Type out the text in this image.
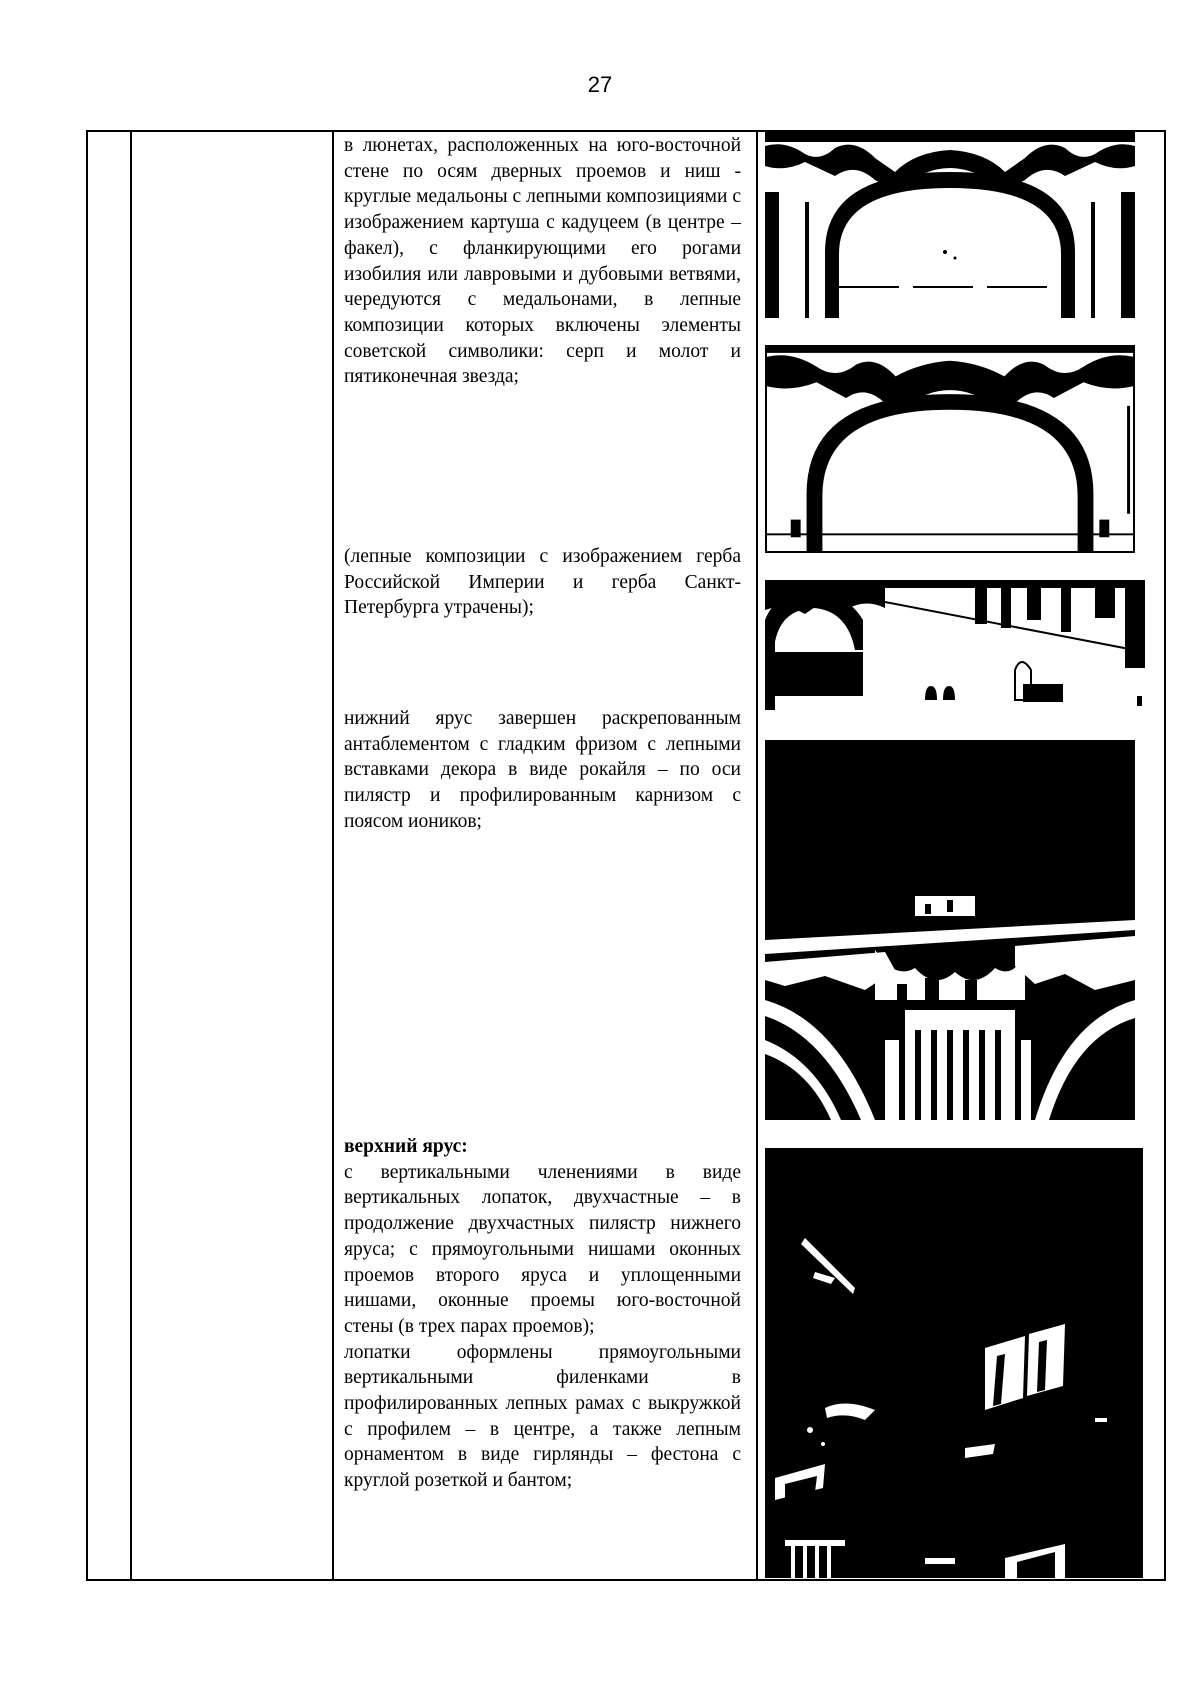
27

в люнетах, расположенных на юго-восточной стене по осям дверных проемов и ниш - круглые медальоны с лепными композициями с изображением картуша с кадуцеем (в центре – факел), с фланкирующими его рогами изобилия или лавровыми и дубовыми ветвями, чередуются с медальонами, в лепные композиции которых включены элементы советской символики: серп и молот и пятиконечная звезда;

(лепные композиции с изображением герба Российской Империи и герба Санкт- Петербурга утрачены);

нижний ярус завершен раскрепованным антаблементом с гладким фризом с лепными вставками декора в виде рокайля – по оси пилястр и профилированным карнизом с поясом иоников;

верхний ярус:

с вертикальными членениями в виде вертикальных лопаток, двухчастные – в продолжение двухчастных пилястр нижнего яруса; с прямоугольными нишами оконных проемов второго яруса и уплощенными нишами, оконные проемы юго-восточной стены (в трех парах проемов);

лопатки оформлены прямоугольными вертикальными филенками в профилированных лепных рамах с выкружкой с профилем – в центре, а также лепным орнаментом в виде гирлянды – фестона с круглой розеткой и бантом;
